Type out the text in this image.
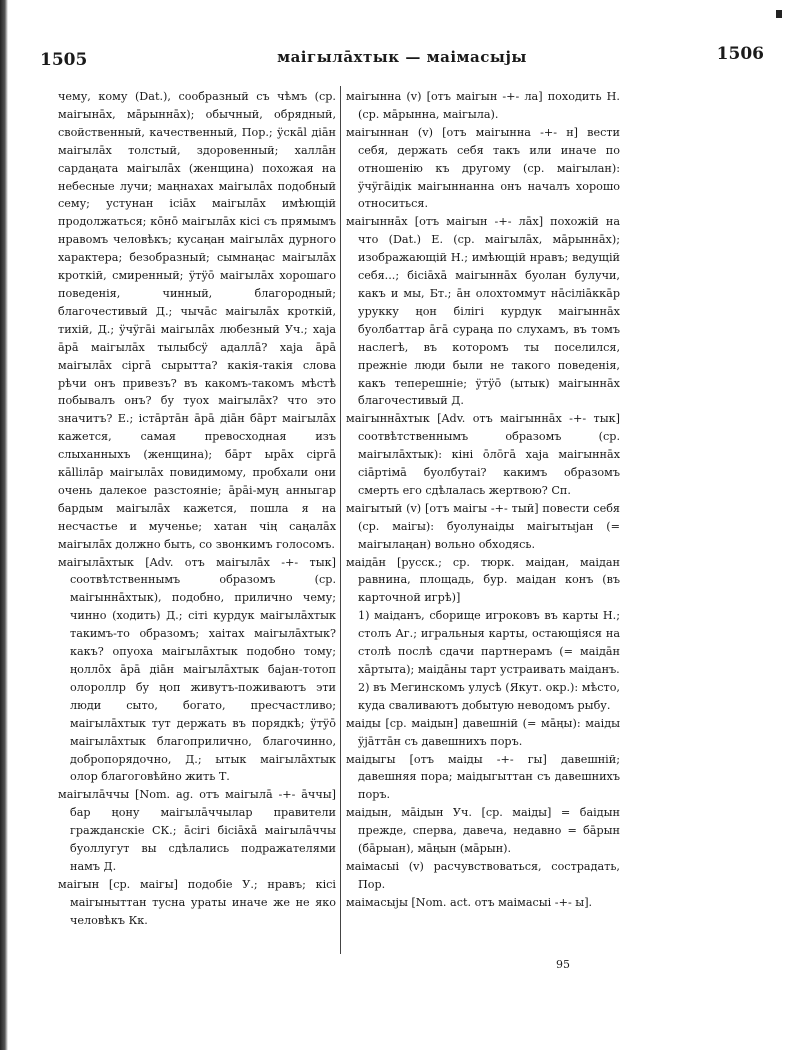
1505	маiгылāхтык — маiмасыjы	1506

чему, кому (Dat.), сообразный съ чѣмъ (ср. маiгынāх, мāрыннāх); обычный, обрядный, свойственный, качественный, Пор.; ÿскāl дiāн маiгылāх толстый, здоровенный; халлāн сардаңата маiгылāх (женщина) похожая на небесные лучи; маңнахах маiгылāх подобный сему; устунан iсiāх маiгылāх имѣющiй продолжаться; кōнō маiгылāх кiсi съ прямымъ нравомъ человѣкъ; кусаңан маiгылāх дурного характера; безобразный; сымнаңас маiгылāх кроткiй, смиренный; ÿтÿō маiгылāх хорошаго поведенiя, чинный, благородный; благочестивый Д.; чычāс маiгылāх кроткiй, тихiй, Д.; ÿчÿгāi маiгылāх любезный Уч.; хаjа āрā маiгылāх тылыбсÿ адаллā? хаjа āрā маiгылāх сiргā сырытта? какiя-такiя слова рѣчи онъ привезъ? въ какомъ-такомъ мѣстѣ побывалъ онъ? бу туох маiгылāх? что это значитъ? Е.; iстāртāн āрā дiāн бāрт маiгылāх кажется, самая превосходная изъ слыханныхъ (женщина); бāрт ырāх сiргā кālliлāр маiгылāх повидимому, пробхали они очень далекое разстоянiе; āрāi-муң анныгар бардым маiгылāх кажется, пошла я на несчастье и мученье; хатан чiң саңалāх маiгылāх должно быть, со звонкимъ голосомъ.

маiгылāхтык [Adv. отъ маiгылāх -+- тык] соотвѣтственнымъ образомъ (ср. маiгыннāхтык), подобно, прилично чему; чинно (ходить) Д.; сiтi курдук маiгылāхтык такимъ-то образомъ; хаiтах маiгылāхтык? какъ? опуоха маiгылāхтык подобно тому; ңоллōх āрā дiāн маiгылāхтык баjан-тотоп олороллр бу ңоп живутъ-поживаютъ эти люди сыто, богато, пресчастливо; маiгылāхтык тут держать въ порядкѣ; ÿтÿō маiгылāхтык благоприлично, благочинно, добропорядочно, Д.; ытык маiгылāхтык олор благоговѣйно жить Т.

маiгылāччы [Nom. ag. отъ маiгылā -+- āччы] бар ңону маiгылāччылар правители гражданскiе СК.; āсiгi бiсiāхā маiгылāччы буоллугут вы сдѣлались подражателями намъ Д.

маiгын [ср. маiгы] подобiе У.; нравъ; кiсi маiгыныттан тусна ураты иначе же не яко человѣкъ Кк.

маiгынна (v) [отъ маiгын -+- ла] походить Н. (ср. мāрынна, маiгыла).

маiгыннан (v) [отъ маiгынна -+- н] вести себя, держать себя такъ или иначе по отношенiю къ другому (ср. маiгылан): ÿчÿгāiдiк маiгыннанна онъ началъ хорошо относиться.

маiгыннāх [отъ маiгын -+- лāх] похожiй на что (Dat.) Е. (ср. маiгылāх, мāрыннāх); изображающiй Н.; имѣющiй нравъ; ведущiй себя...; бiсiāхā маiгыннāх буолан булучи, какъ и мы, Бт.; āн олохтоммут нāсiлiāккāр урукку ңон бiлiгi курдук маiгыннāх буолбаттар āгā сураңа по слухамъ, въ томъ наслегѣ, въ которомъ ты поселился, прежнiе люди были не такого поведенiя, какъ теперешнiе; ÿтÿō (ытык) маiгыннāх благочестивый Д.

маiгыннāхтык [Adv. отъ маiгыннāх -+- тык] соотвѣтственнымъ образомъ (ср. маiгылāхтык): кiнi ōлōгā хаjа маiгыннāх сiāртiмā буолбутаi? какимъ образомъ смерть его сдѣлалась жертвою? Сп.

маiгытый (v) [отъ маiгы -+- тый] повести себя (ср. маiгы): буолунаiды маiгытыjан (= маiгылаңан) вольно обходясь.

маiдāн [русск.; ср. тюрк. маiдан, маiдан равнина, площадь, бур. маiдан конъ (въ карточной игрѣ)]

1) маiданъ, сборище игроковъ въ карты Н.; столъ Аг.; игральныя карты, остающiяся на столѣ послѣ сдачи партнерамъ (= маiдāн хāртыта); маiдāны тарт устраивать маiданъ.

2) въ Мегинскомъ улусѣ (Якут. окр.): мѣсто, куда сваливаютъ добытую неводомъ рыбу.

маiды [ср. маiдын] давешнiй (= мāңы): маiды ÿjāттāн съ давешнихъ поръ.

маiдыгы [отъ маiды -+- гы] давешнiй; давешняя пора; маiдыгыттан съ давешнихъ поръ.

маiдын, мāiдын Уч. [ср. маiды] = баiдын прежде, сперва, давеча, недавно = бāрын (бāрыан), мāңын (мāрын).

маiмасыi (v) расчувствоваться, сострадать, Пор.

маiмасыjы [Nom. act. отъ маiмасыi -+- ы].

95
